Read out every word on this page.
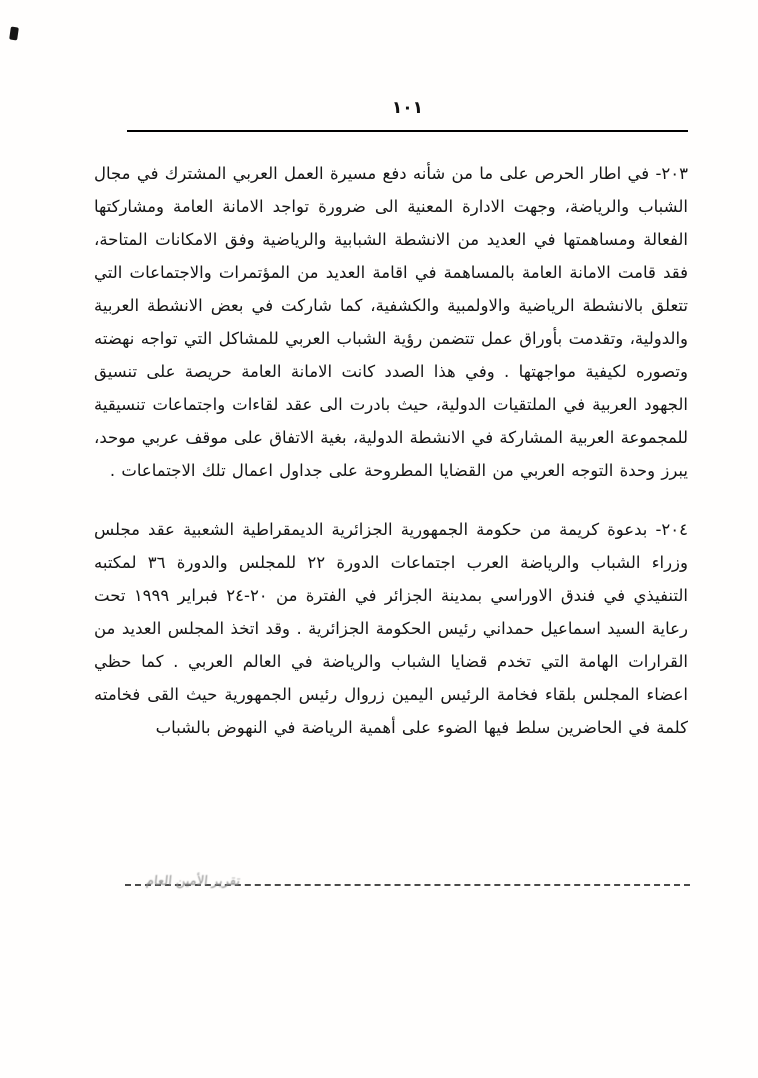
١٠١

٢٠٣- في اطار الحرص على ما من شأنه دفع مسيرة العمل العربي المشترك في مجال الشباب والرياضة، وجهت الادارة المعنية الى ضرورة تواجد الامانة العامة ومشاركتها الفعالة ومساهمتها في العديد من الانشطة الشبابية والرياضية وفق الامكانات المتاحة، فقد قامت الامانة العامة بالمساهمة في اقامة العديد من المؤتمرات والاجتماعات التي تتعلق بالانشطة الرياضية والاولمبية والكشفية، كما شاركت في بعض الانشطة العربية والدولية، وتقدمت بأوراق عمل تتضمن رؤية الشباب العربي للمشاكل التي تواجه نهضته وتصوره لكيفية مواجهتها . وفي هذا الصدد كانت الامانة العامة حريصة على تنسيق الجهود العربية في الملتقيات الدولية، حيث بادرت الى عقد لقاءات واجتماعات تنسيقية للمجموعة العربية المشاركة في الانشطة الدولية، بغية الاتفاق على موقف عربي موحد، يبرز وحدة التوجه العربي من القضايا المطروحة على جداول اعمال تلك الاجتماعات .

٢٠٤- بدعوة كريمة من حكومة الجمهورية الجزائرية الديمقراطية الشعبية عقد مجلس وزراء الشباب والرياضة العرب اجتماعات الدورة ٢٢ للمجلس والدورة ٣٦ لمكتبه التنفيذي في فندق الاوراسي بمدينة الجزائر في الفترة من ٢٠-٢٤ فبراير ١٩٩٩ تحت رعاية السيد اسماعيل حمداني رئيس الحكومة الجزائرية . وقد اتخذ المجلس العديد من القرارات الهامة التي تخدم قضايا الشباب والرياضة في العالم العربي . كما حظي اعضاء المجلس بلقاء فخامة الرئيس اليمين زروال رئيس الجمهورية حيث القى فخامته كلمة في الحاضرين سلط فيها الضوء على أهمية الرياضة في النهوض بالشباب

تقرير الأمين العام
